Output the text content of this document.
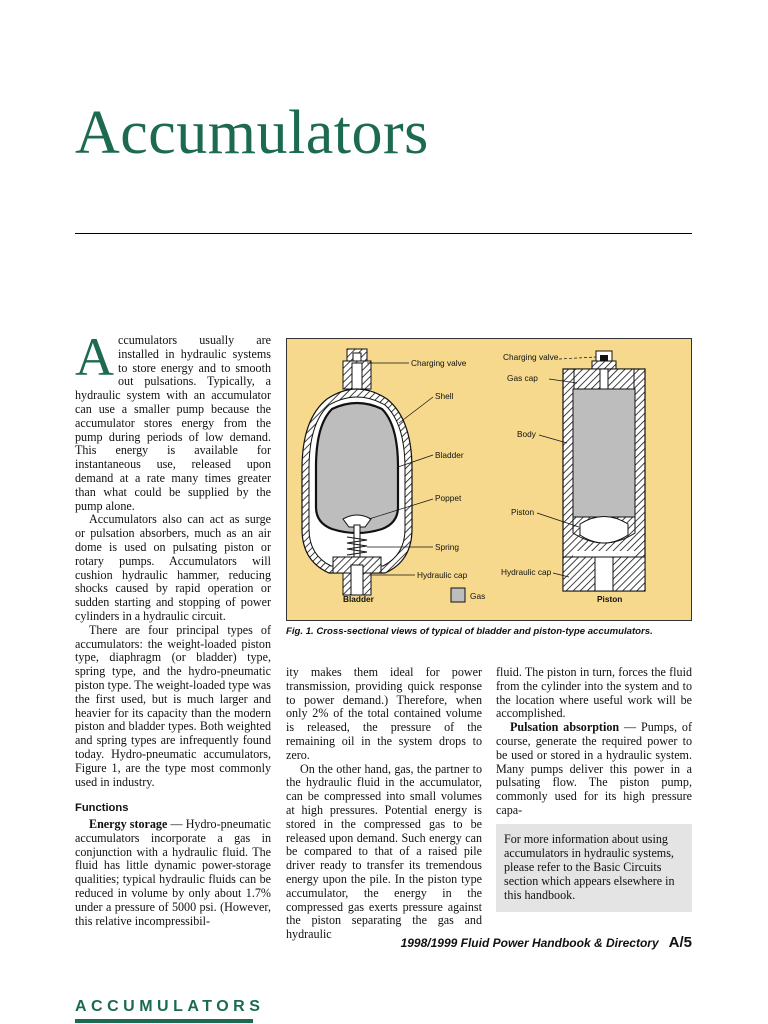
Accumulators

Accumulators usually are installed in hydraulic systems to store energy and to smooth out pulsations. Typically, a hydraulic system with an accumulator can use a smaller pump because the accumulator stores energy from the pump during periods of low demand. This energy is available for instantaneous use, released upon demand at a rate many times greater than what could be supplied by the pump alone.

Accumulators also can act as surge or pulsation absorbers, much as an air dome is used on pulsating piston or rotary pumps. Accumulators will cushion hydraulic hammer, reducing shocks caused by rapid operation or sudden starting and stopping of power cylinders in a hydraulic circuit.

There are four principal types of accumulators: the weight-loaded piston type, diaphragm (or bladder) type, spring type, and the hydro-pneumatic piston type. The weight-loaded type was the first used, but is much larger and heavier for its capacity than the modern piston and bladder types. Both weighted and spring types are infrequently found today. Hydro-pneumatic accumulators, Figure 1, are the type most commonly used in industry.

Functions

Energy storage — Hydro-pneumatic accumulators incorporate a gas in conjunction with a hydraulic fluid. The fluid has little dynamic power-storage qualities; typical hydraulic fluids can be reduced in volume by only about 1.7% under a pressure of 5000 psi. (However, this relative incompressibil-

ity makes them ideal for power transmission, providing quick response to power demand.) Therefore, when only 2% of the total contained volume is released, the pressure of the remaining oil in the system drops to zero.

On the other hand, gas, the partner to the hydraulic fluid in the accumulator, can be compressed into small volumes at high pressures. Potential energy is stored in the compressed gas to be released upon demand. Such energy can be compared to that of a raised pile driver ready to transfer its tremendous energy upon the pile. In the piston type accumulator, the energy in the compressed gas exerts pressure against the piston separating the gas and hydraulic

fluid. The piston in turn, forces the fluid from the cylinder into the system and to the location where useful work will be accomplished.

Pulsation absorption — Pumps, of course, generate the required power to be used or stored in a hydraulic system. Many pumps deliver this power in a pulsating flow. The piston pump, commonly used for its high pressure capa-

Charging valve
Shell
Bladder
Poppet
Spring
Hydraulic cap
Bladder	Gas
Charging valve
Gas cap
Body
Piston
Hydraulic cap
Piston
Fig. 1. Cross-sectional views of typical of bladder and piston-type accumulators.
For more information about using accumulators in hydraulic systems, please refer to the Basic Circuits section which appears elsewhere in this handbook.
1998/1999 Fluid Power Handbook & Directory A/5
ACCUMULATORS
